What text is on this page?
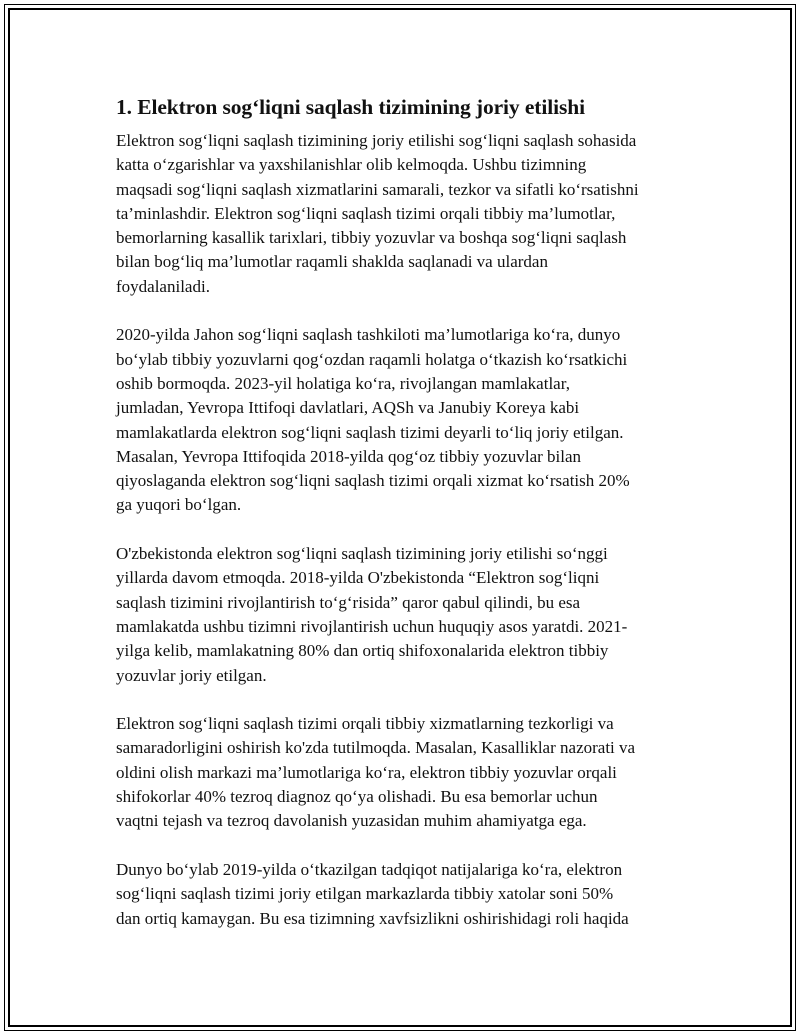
1. Elektron sog‘liqni saqlash tizimining joriy etilishi

Elektron sog‘liqni saqlash tizimining joriy etilishi sog‘liqni saqlash sohasida
katta o‘zgarishlar va yaxshilanishlar olib kelmoqda. Ushbu tizimning
maqsadi sog‘liqni saqlash xizmatlarini samarali, tezkor va sifatli ko‘rsatishni
ta’minlashdir. Elektron sog‘liqni saqlash tizimi orqali tibbiy ma’lumotlar,
bemorlarning kasallik tarixlari, tibbiy yozuvlar va boshqa sog‘liqni saqlash
bilan bog‘liq ma’lumotlar raqamli shaklda saqlanadi va ulardan
foydalaniladi.

2020-yilda Jahon sog‘liqni saqlash tashkiloti ma’lumotlariga ko‘ra, dunyo
bo‘ylab tibbiy yozuvlarni qog‘ozdan raqamli holatga o‘tkazish ko‘rsatkichi
oshib bormoqda. 2023-yil holatiga ko‘ra, rivojlangan mamlakatlar,
jumladan, Yevropa Ittifoqi davlatlari, AQSh va Janubiy Koreya kabi
mamlakatlarda elektron sog‘liqni saqlash tizimi deyarli to‘liq joriy etilgan.
Masalan, Yevropa Ittifoqida 2018-yilda qog‘oz tibbiy yozuvlar bilan
qiyoslaganda elektron sog‘liqni saqlash tizimi orqali xizmat ko‘rsatish 20%
ga yuqori bo‘lgan.

O'zbekistonda elektron sog‘liqni saqlash tizimining joriy etilishi so‘nggi
yillarda davom etmoqda. 2018-yilda O'zbekistonda “Elektron sog‘liqni
saqlash tizimini rivojlantirish to‘g‘risida” qaror qabul qilindi, bu esa
mamlakatda ushbu tizimni rivojlantirish uchun huquqiy asos yaratdi. 2021-
yilga kelib, mamlakatning 80% dan ortiq shifoxonalarida elektron tibbiy
yozuvlar joriy etilgan.

Elektron sog‘liqni saqlash tizimi orqali tibbiy xizmatlarning tezkorligi va
samaradorligini oshirish ko'zda tutilmoqda. Masalan, Kasalliklar nazorati va
oldini olish markazi ma’lumotlariga ko‘ra, elektron tibbiy yozuvlar orqali
shifokorlar 40% tezroq diagnoz qo‘ya olishadi. Bu esa bemorlar uchun
vaqtni tejash va tezroq davolanish yuzasidan muhim ahamiyatga ega.

Dunyo bo‘ylab 2019-yilda o‘tkazilgan tadqiqot natijalariga ko‘ra, elektron
sog‘liqni saqlash tizimi joriy etilgan markazlarda tibbiy xatolar soni 50%
dan ortiq kamaygan. Bu esa tizimning xavfsizlikni oshirishidagi roli haqida
